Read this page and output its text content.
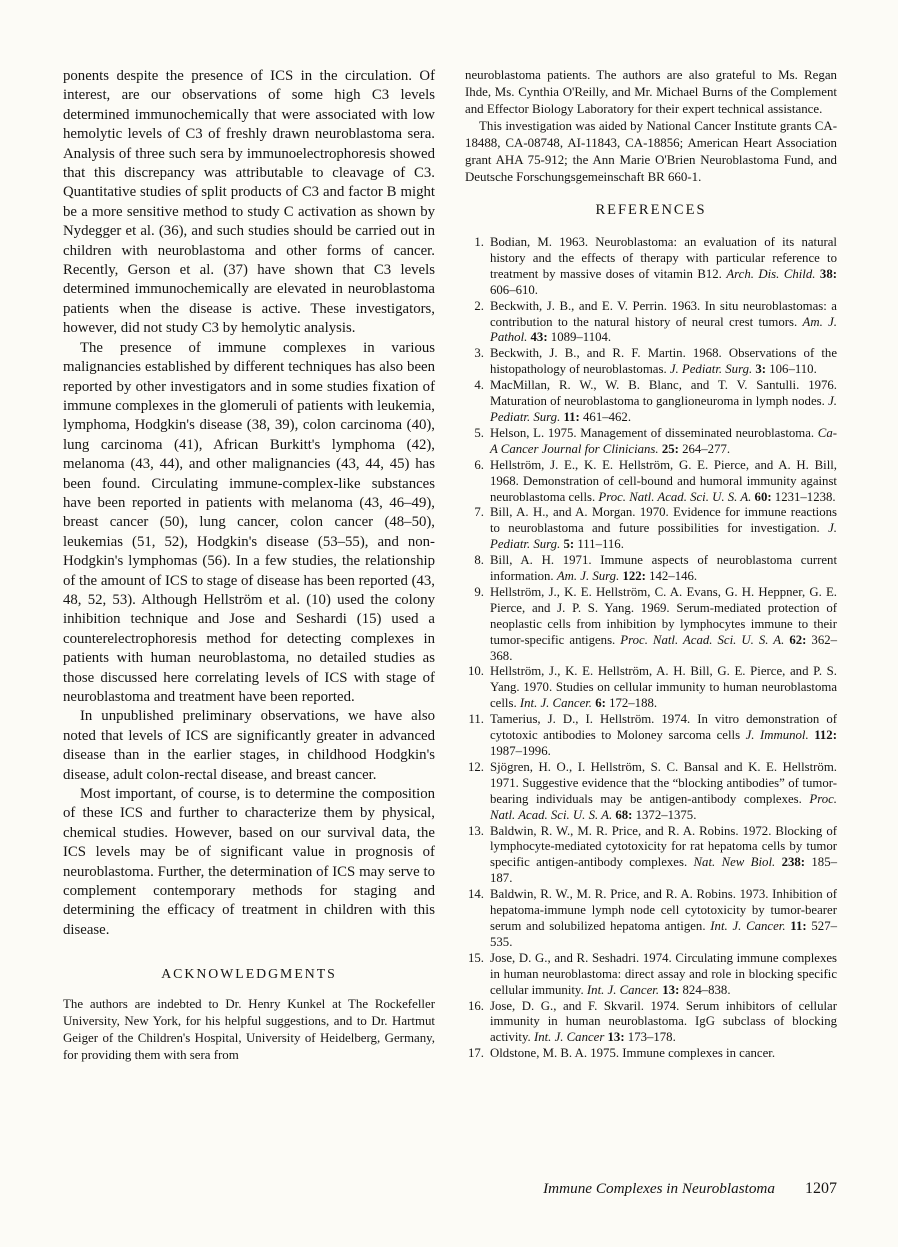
ponents despite the presence of ICS in the circulation. Of interest, are our observations of some high C3 levels determined immunochemically that were associated with low hemolytic levels of C3 of freshly drawn neuroblastoma sera. Analysis of three such sera by immunoelectrophoresis showed that this discrepancy was attributable to cleavage of C3. Quantitative studies of split products of C3 and factor B might be a more sensitive method to study C activation as shown by Nydegger et al. (36), and such studies should be carried out in children with neuroblastoma and other forms of cancer. Recently, Gerson et al. (37) have shown that C3 levels determined immunochemically are elevated in neuroblastoma patients when the disease is active. These investigators, however, did not study C3 by hemolytic analysis.

The presence of immune complexes in various malignancies established by different techniques has also been reported by other investigators and in some studies fixation of immune complexes in the glomeruli of patients with leukemia, lymphoma, Hodgkin's disease (38, 39), colon carcinoma (40), lung carcinoma (41), African Burkitt's lymphoma (42), melanoma (43, 44), and other malignancies (43, 44, 45) has been found. Circulating immune-complex-like substances have been reported in patients with melanoma (43, 46–49), breast cancer (50), lung cancer, colon cancer (48–50), leukemias (51, 52), Hodgkin's disease (53–55), and non-Hodgkin's lymphomas (56). In a few studies, the relationship of the amount of ICS to stage of disease has been reported (43, 48, 52, 53). Although Hellström et al. (10) used the colony inhibition technique and Jose and Seshardi (15) used a counterelectrophoresis method for detecting complexes in patients with human neuroblastoma, no detailed studies as those discussed here correlating levels of ICS with stage of neuroblastoma and treatment have been reported.

In unpublished preliminary observations, we have also noted that levels of ICS are significantly greater in advanced disease than in the earlier stages, in childhood Hodgkin's disease, adult colon-rectal disease, and breast cancer.

Most important, of course, is to determine the composition of these ICS and further to characterize them by physical, chemical studies. However, based on our survival data, the ICS levels may be of significant value in prognosis of neuroblastoma. Further, the determination of ICS may serve to complement contemporary methods for staging and determining the efficacy of treatment in children with this disease.

ACKNOWLEDGMENTS

The authors are indebted to Dr. Henry Kunkel at The Rockefeller University, New York, for his helpful suggestions, and to Dr. Hartmut Geiger of the Children's Hospital, University of Heidelberg, Germany, for providing them with sera from

neuroblastoma patients. The authors are also grateful to Ms. Regan Ihde, Ms. Cynthia O'Reilly, and Mr. Michael Burns of the Complement and Effector Biology Laboratory for their expert technical assistance.

This investigation was aided by National Cancer Institute grants CA-18488, CA-08748, AI-11843, CA-18856; American Heart Association grant AHA 75-912; the Ann Marie O'Brien Neuroblastoma Fund, and Deutsche Forschungsgemeinschaft BR 660-1.

REFERENCES
1. Bodian, M. 1963. Neuroblastoma: an evaluation of its natural history and the effects of therapy with particular reference to treatment by massive doses of vitamin B12. Arch. Dis. Child. 38: 606–610.
2. Beckwith, J. B., and E. V. Perrin. 1963. In situ neuroblastomas: a contribution to the natural history of neural crest tumors. Am. J. Pathol. 43: 1089–1104.
3. Beckwith, J. B., and R. F. Martin. 1968. Observations of the histopathology of neuroblastomas. J. Pediatr. Surg. 3: 106–110.
4. MacMillan, R. W., W. B. Blanc, and T. V. Santulli. 1976. Maturation of neuroblastoma to ganglioneuroma in lymph nodes. J. Pediatr. Surg. 11: 461–462.
5. Helson, L. 1975. Management of disseminated neuroblastoma. Ca-A Cancer Journal for Clinicians. 25: 264–277.
6. Hellström, J. E., K. E. Hellström, G. E. Pierce, and A. H. Bill, 1968. Demonstration of cell-bound and humoral immunity against neuroblastoma cells. Proc. Natl. Acad. Sci. U. S. A. 60: 1231–1238.
7. Bill, A. H., and A. Morgan. 1970. Evidence for immune reactions to neuroblastoma and future possibilities for investigation. J. Pediatr. Surg. 5: 111–116.
8. Bill, A. H. 1971. Immune aspects of neuroblastoma current information. Am. J. Surg. 122: 142–146.
9. Hellström, J., K. E. Hellström, C. A. Evans, G. H. Heppner, G. E. Pierce, and J. P. S. Yang. 1969. Serum-mediated protection of neoplastic cells from inhibition by lymphocytes immune to their tumor-specific antigens. Proc. Natl. Acad. Sci. U. S. A. 62: 362–368.
10. Hellström, J., K. E. Hellström, A. H. Bill, G. E. Pierce, and P. S. Yang. 1970. Studies on cellular immunity to human neuroblastoma cells. Int. J. Cancer. 6: 172–188.
11. Tamerius, J. D., I. Hellström. 1974. In vitro demonstration of cytotoxic antibodies to Moloney sarcoma cells J. Immunol. 112: 1987–1996.
12. Sjögren, H. O., I. Hellström, S. C. Bansal and K. E. Hellström. 1971. Suggestive evidence that the “blocking antibodies” of tumor-bearing individuals may be antigen-antibody complexes. Proc. Natl. Acad. Sci. U. S. A. 68: 1372–1375.
13. Baldwin, R. W., M. R. Price, and R. A. Robins. 1972. Blocking of lymphocyte-mediated cytotoxicity for rat hepatoma cells by tumor specific antigen-antibody complexes. Nat. New Biol. 238: 185–187.
14. Baldwin, R. W., M. R. Price, and R. A. Robins. 1973. Inhibition of hepatoma-immune lymph node cell cytotoxicity by tumor-bearer serum and solubilized hepatoma antigen. Int. J. Cancer. 11: 527–535.
15. Jose, D. G., and R. Seshadri. 1974. Circulating immune complexes in human neuroblastoma: direct assay and role in blocking specific cellular immunity. Int. J. Cancer. 13: 824–838.
16. Jose, D. G., and F. Skvaril. 1974. Serum inhibitors of cellular immunity in human neuroblastoma. IgG subclass of blocking activity. Int. J. Cancer 13: 173–178.
17. Oldstone, M. B. A. 1975. Immune complexes in cancer.
Immune Complexes in Neuroblastoma 1207
